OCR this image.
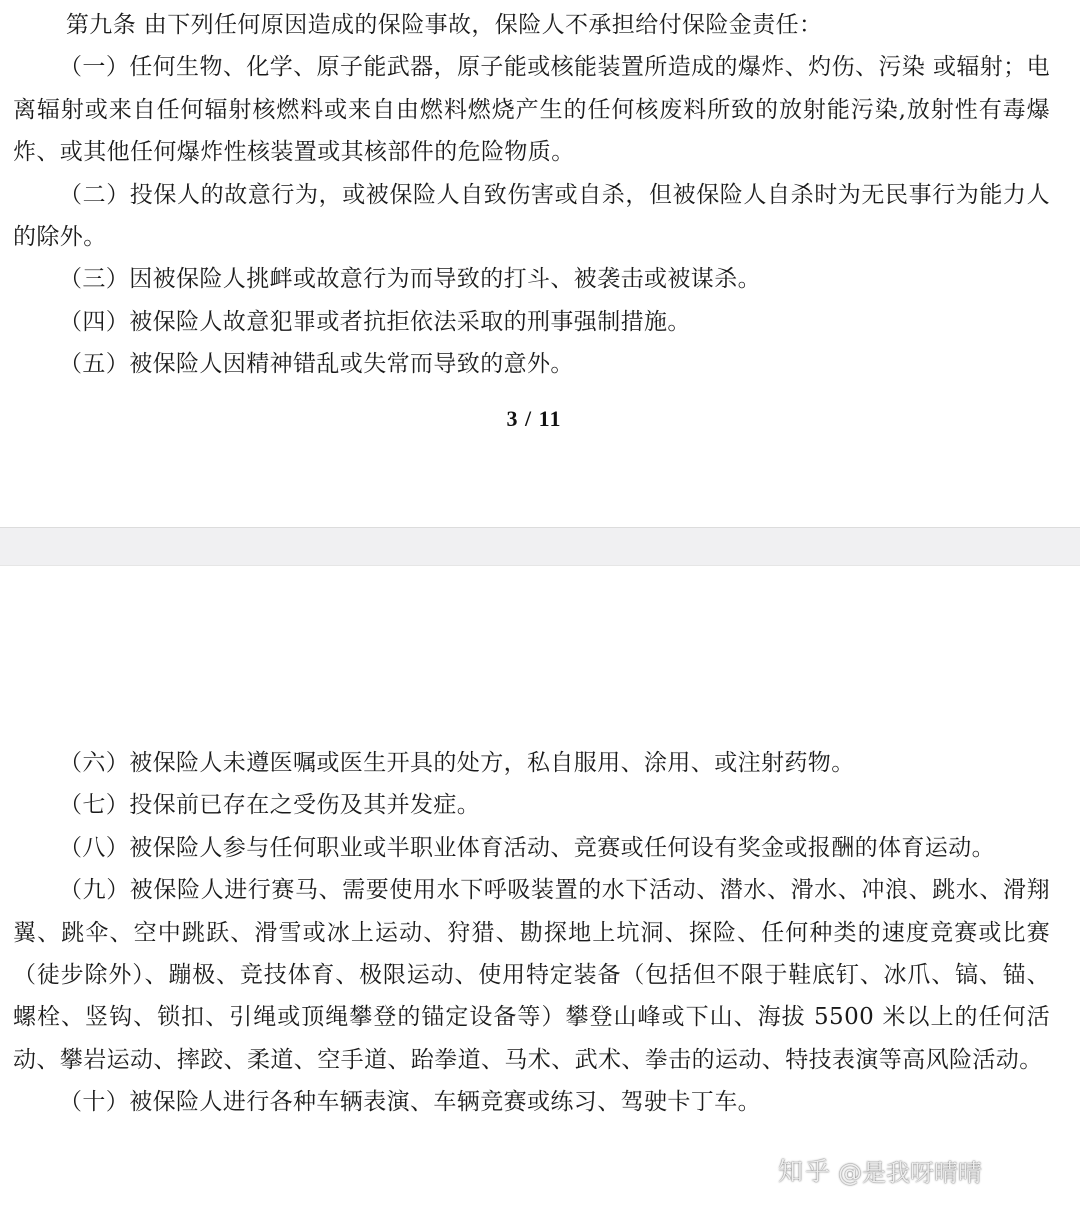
第九条 由下列任何原因造成的保险事故，保险人不承担给付保险金责任：

（一）任何生物、化学、原子能武器，原子能或核能装置所造成的爆炸、灼伤、污染 或辐射；电离辐射或来自任何辐射核燃料或来自由燃料燃烧产生的任何核废料所致的放射能污染,放射性有毒爆炸、或其他任何爆炸性核装置或其核部件的危险物质。

（二）投保人的故意行为，或被保险人自致伤害或自杀，但被保险人自杀时为无民事行为能力人的除外。

（三）因被保险人挑衅或故意行为而导致的打斗、被袭击或被谋杀。

（四）被保险人故意犯罪或者抗拒依法采取的刑事强制措施。

（五）被保险人因精神错乱或失常而导致的意外。

3 / 11

（六）被保险人未遵医嘱或医生开具的处方，私自服用、涂用、或注射药物。

（七）投保前已存在之受伤及其并发症。

（八）被保险人参与任何职业或半职业体育活动、竞赛或任何设有奖金或报酬的体育运动。

（九）被保险人进行赛马、需要使用水下呼吸装置的水下活动、潜水、滑水、冲浪、跳水、滑翔翼、跳伞、空中跳跃、滑雪或冰上运动、狩猎、勘探地上坑洞、探险、任何种类的速度竞赛或比赛（徒步除外）、蹦极、竞技体育、极限运动、使用特定装备（包括但不限于鞋底钉、冰爪、镐、锚、螺栓、竖钩、锁扣、引绳或顶绳攀登的锚定设备等）攀登山峰或下山、海拔 5500 米以上的任何活动、攀岩运动、摔跤、柔道、空手道、跆拳道、马术、武术、拳击的运动、特技表演等高风险活动。

（十）被保险人进行各种车辆表演、车辆竞赛或练习、驾驶卡丁车。

知乎 @是我呀晴晴
